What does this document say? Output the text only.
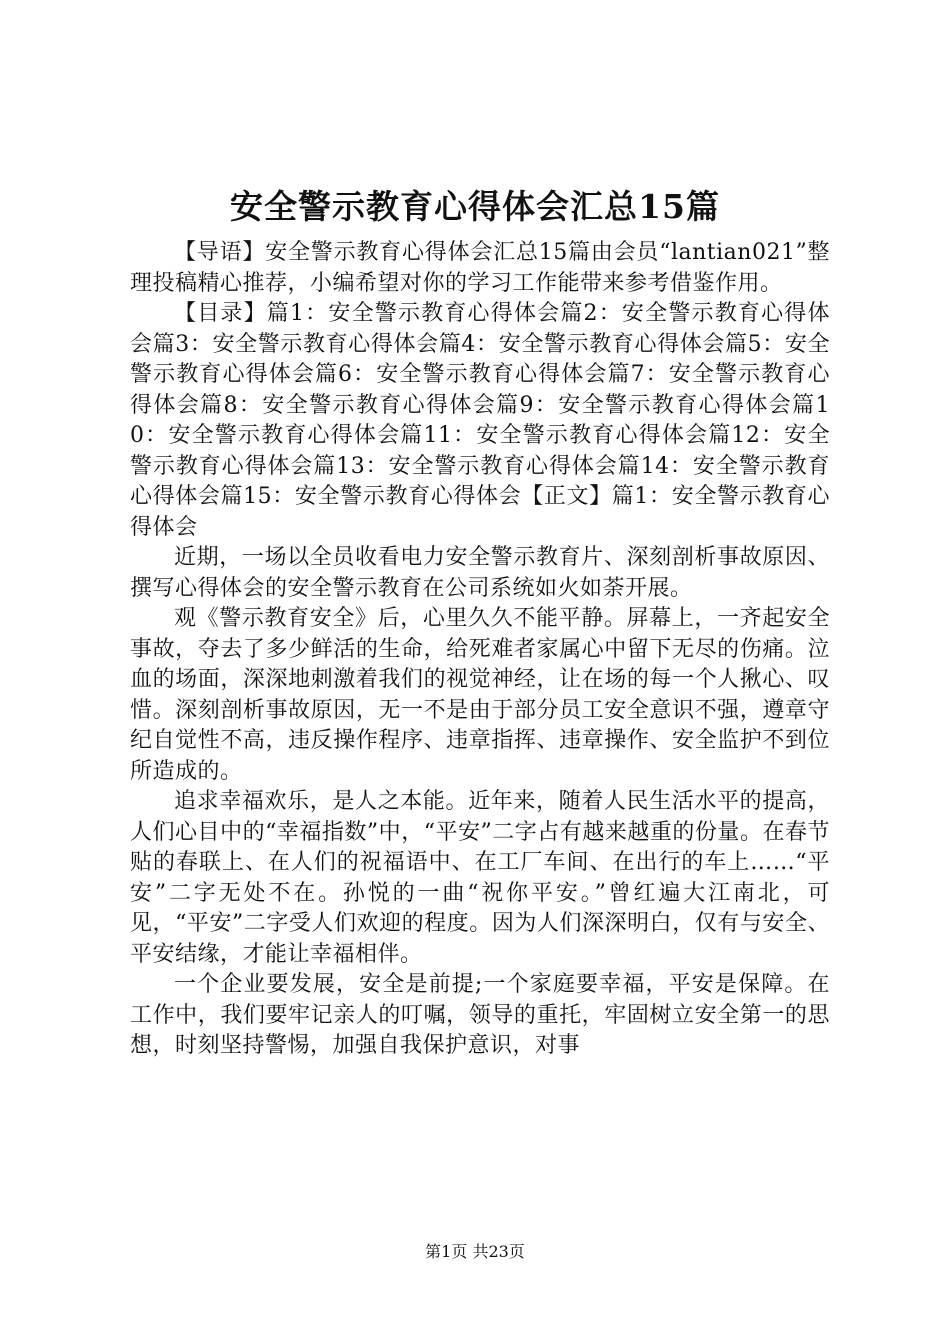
安全警示教育心得体会汇总15篇

【导语】安全警示教育心得体会汇总15篇由会员“lantian021”整理投稿精心推荐，小编希望对你的学习工作能带来参考借鉴作用。

【目录】篇1：安全警示教育心得体会篇2：安全警示教育心得体会篇3：安全警示教育心得体会篇4：安全警示教育心得体会篇5：安全警示教育心得体会篇6：安全警示教育心得体会篇7：安全警示教育心得体会篇8：安全警示教育心得体会篇9：安全警示教育心得体会篇10：安全警示教育心得体会篇11：安全警示教育心得体会篇12：安全警示教育心得体会篇13：安全警示教育心得体会篇14：安全警示教育心得体会篇15：安全警示教育心得体会【正文】篇1：安全警示教育心得体会

近期，一场以全员收看电力安全警示教育片、深刻剖析事故原因、撰写心得体会的安全警示教育在公司系统如火如荼开展。

观《警示教育安全》后，心里久久不能平静。屏幕上，一齐起安全事故，夺去了多少鲜活的生命，给死难者家属心中留下无尽的伤痛。泣血的场面，深深地刺激着我们的视觉神经，让在场的每一个人揪心、叹惜。深刻剖析事故原因，无一不是由于部分员工安全意识不强，遵章守纪自觉性不高，违反操作程序、违章指挥、违章操作、安全监护不到位所造成的。

追求幸福欢乐，是人之本能。近年来，随着人民生活水平的提高，人们心目中的“幸福指数”中，“平安”二字占有越来越重的份量。在春节贴的春联上、在人们的祝福语中、在工厂车间、在出行的车上……“平安”二字无处不在。孙悦的一曲“祝你平安。”曾红遍大江南北，可见，“平安”二字受人们欢迎的程度。因为人们深深明白，仅有与安全、平安结缘，才能让幸福相伴。

一个企业要发展，安全是前提;一个家庭要幸福，平安是保障。在工作中，我们要牢记亲人的叮嘱，领导的重托，牢固树立安全第一的思想，时刻坚持警惕，加强自我保护意识，对事

第1页 共23页
